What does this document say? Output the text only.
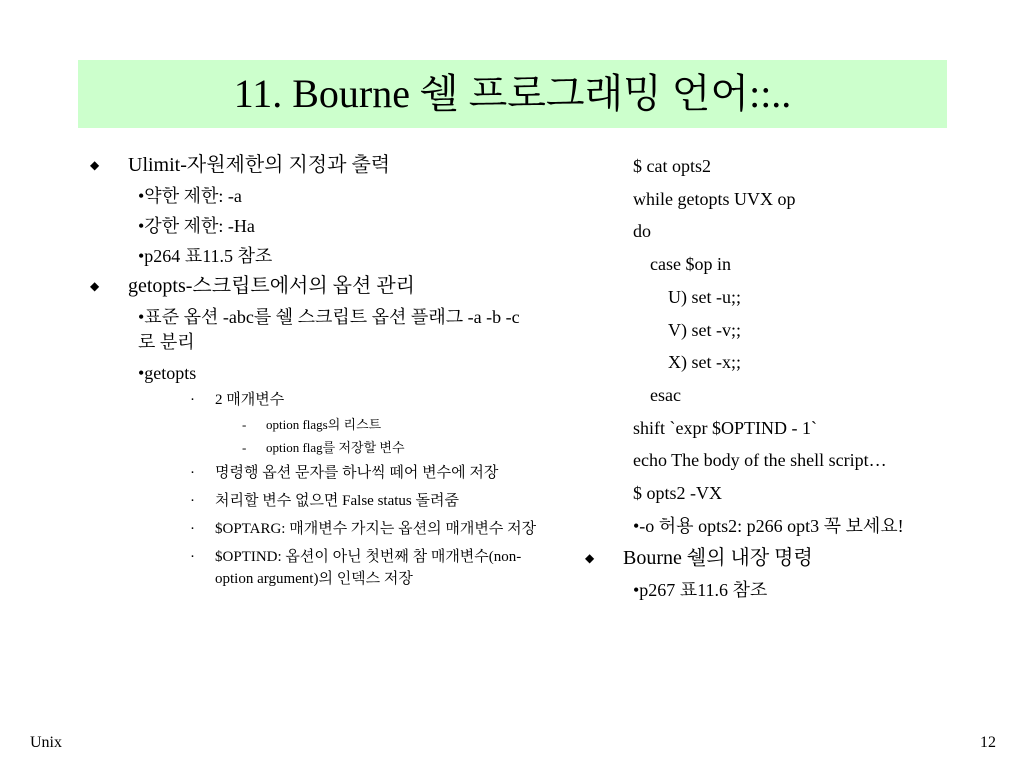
11. Bourne 쉘 프로그래밍 언어::..
◆ Ulimit-자원제한의 지정과 출력
•약한 제한: -a
•강한 제한: -Ha
•p264 표11.5 참조
◆ getopts-스크립트에서의 옵션 관리
•표준 옵션 -abc를 쉘 스크립트 옵션 플래그 -a -b -c 로 분리
•getopts
· 2 매개변수
- option flags의 리스트
- option flag를 저장할 변수
· 명령행 옵션 문자를 하나씩 떼어 변수에 저장
· 처리할 변수 없으면 False status 돌려줌
· $OPTARG: 매개변수 가지는 옵션의 매개변수 저장
· $OPTIND: 옵션이 아닌 첫번째 참 매개변수(non-option argument)의 인덱스 저장
$ cat opts2
while getopts UVX op
do
case $op in
U) set -u;;
V) set -v;;
X) set -x;;
esac
shift `expr $OPTIND - 1`
echo The body of the shell script…
$ opts2 -VX
•-o 허용 opts2: p266 opt3 꼭 보세요!
◆ Bourne 쉘의 내장 명령
•p267 표11.6 참조
Unix	12
